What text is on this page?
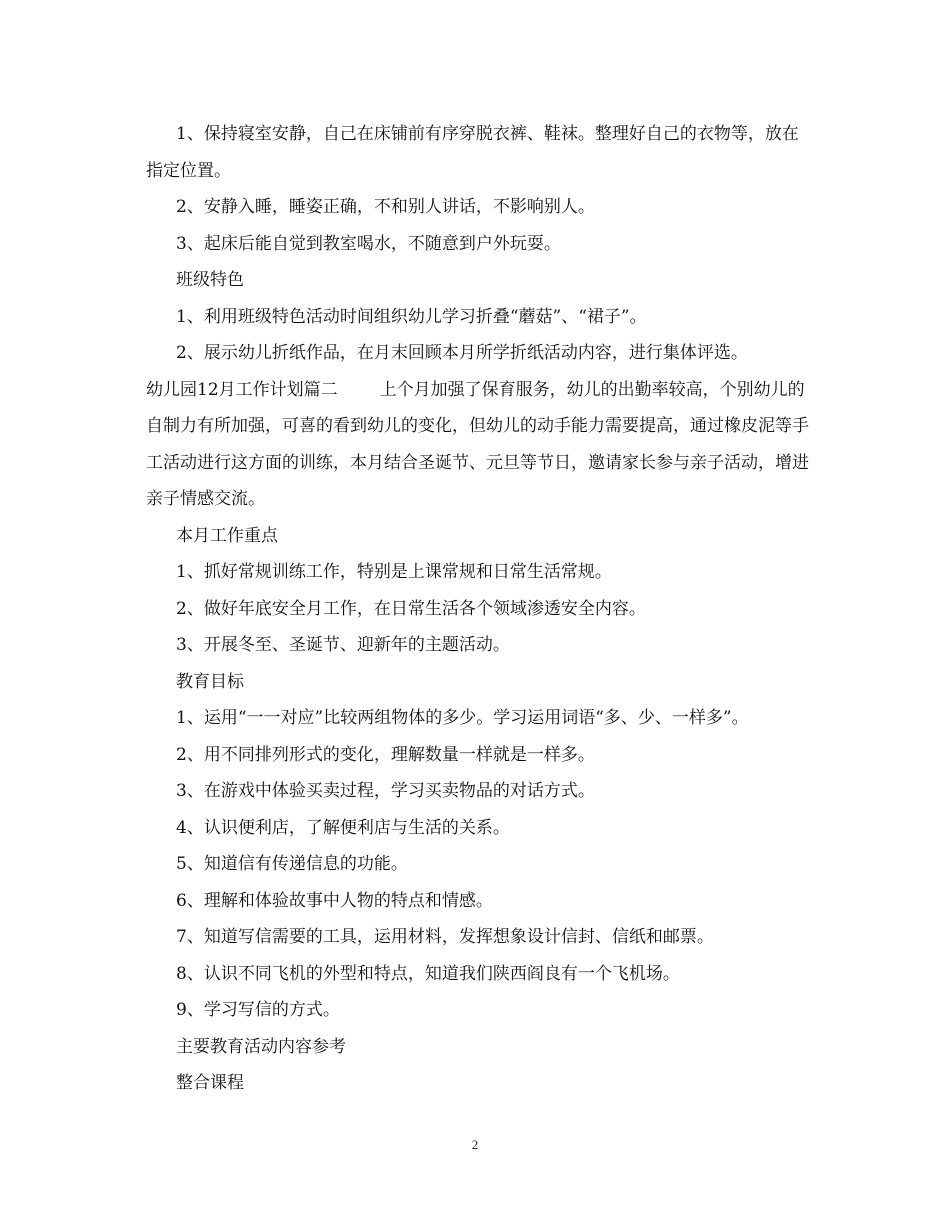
1、保持寝室安静，自己在床铺前有序穿脱衣裤、鞋袜。整理好自己的衣物等，放在指定位置。

2、安静入睡，睡姿正确，不和别人讲话，不影响别人。

3、起床后能自觉到教室喝水，不随意到户外玩耍。

班级特色

1、利用班级特色活动时间组织幼儿学习折叠“蘑菇”、“裙子”。

2、展示幼儿折纸作品，在月末回顾本月所学折纸活动内容，进行集体评选。

幼儿园12月工作计划篇二 上个月加强了保育服务，幼儿的出勤率较高，个别幼儿的自制力有所加强，可喜的看到幼儿的变化，但幼儿的动手能力需要提高，通过橡皮泥等手工活动进行这方面的训练，本月结合圣诞节、元旦等节日，邀请家长参与亲子活动，增进亲子情感交流。

本月工作重点

1、抓好常规训练工作，特别是上课常规和日常生活常规。

2、做好年底安全月工作，在日常生活各个领域渗透安全内容。

3、开展冬至、圣诞节、迎新年的主题活动。

教育目标

1、运用“一一对应”比较两组物体的多少。学习运用词语“多、少、一样多”。

2、用不同排列形式的变化，理解数量一样就是一样多。

3、在游戏中体验买卖过程，学习买卖物品的对话方式。

4、认识便利店，了解便利店与生活的关系。

5、知道信有传递信息的功能。

6、理解和体验故事中人物的特点和情感。

7、知道写信需要的工具，运用材料，发挥想象设计信封、信纸和邮票。

8、认识不同飞机的外型和特点，知道我们陕西阎良有一个飞机场。

9、学习写信的方式。

主要教育活动内容参考

整合课程

2
